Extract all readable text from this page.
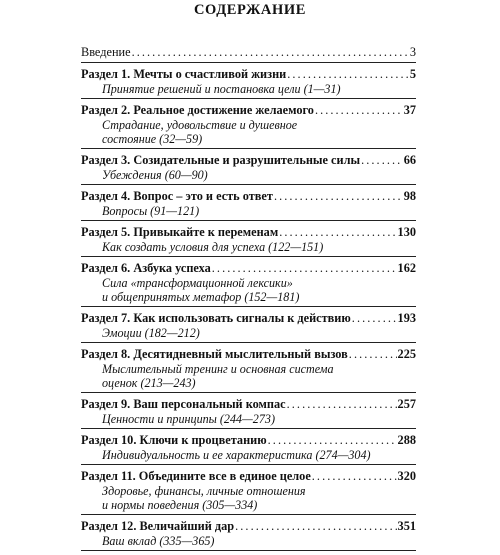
СОДЕРЖАНИЕ
Введение . . .	3
Раздел 1. Мечты о счастливой жизни . . .	5
Принятие решений и постановка цели (1—31)
Раздел 2. Реальное достижение желаемого . . .	37
Страдание, удовольствие и душевное
состояние (32—59)
Раздел 3. Созидательные и разрушительные силы . . .	66
Убеждения (60—90)
Раздел 4. Вопрос – это и есть ответ . . .	98
Вопросы (91—121)
Раздел 5. Привыкайте к переменам . . .	130
Как создать условия для успеха (122—151)
Раздел 6. Азбука успеха . . .	162
Сила «трансформационной лексики»
и общепринятых метафор (152—181)
Раздел 7. Как использовать сигналы к действию . . .	193
Эмоции (182—212)
Раздел 8. Десятидневный мыслительный вызов . . .	225
Мыслительный тренинг и основная система
оценок (213—243)
Раздел 9. Ваш персональный компас . . .	257
Ценности и принципы (244—273)
Раздел 10. Ключи к процветанию . . .	288
Индивидуальность и ее характеристика (274—304)
Раздел 11. Объедините все в единое целое . . .	320
Здоровье, финансы, личные отношения
и нормы поведения (305—334)
Раздел 12. Величайший дар . . .	351
Ваш вклад (335—365)
